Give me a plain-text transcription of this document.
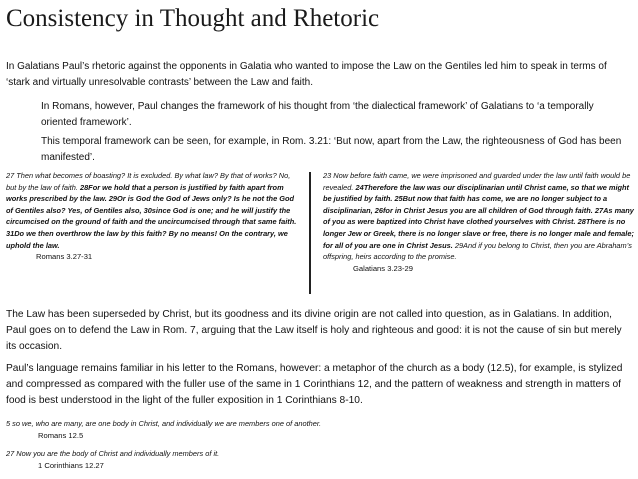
Consistency in Thought and Rhetoric
In Galatians Paul’s rhetoric against the opponents in Galatia who wanted to impose the Law on the Gentiles led him to speak in terms of ‘stark and virtually unresolvable contrasts’ between the Law and faith.
In Romans, however, Paul changes the framework of his thought from ‘the dialectical framework’ of Galatians to ‘a temporally oriented framework’.
This temporal framework can be seen, for example, in Rom. 3.21: ‘But now, apart from the Law, the righteousness of God has been manifested’.
27 Then what becomes of boasting? It is excluded. By what law? By that of works? No, but by the law of faith. 28For we hold that a person is justified by faith apart from works prescribed by the law. 29Or is God the God of Jews only? Is he not the God of Gentiles also? Yes, of Gentiles also, 30since God is one; and he will justify the circumcised on the ground of faith and the uncircumcised through that same faith. 31Do we then overthrow the law by this faith? By no means! On the contrary, we uphold the law.
Romans 3.27-31
23 Now before faith came, we were imprisoned and guarded under the law until faith would be revealed. 24Therefore the law was our disciplinarian until Christ came, so that we might be justified by faith. 25But now that faith has come, we are no longer subject to a disciplinarian, 26for in Christ Jesus you are all children of God through faith. 27As many of you as were baptized into Christ have clothed yourselves with Christ. 28There is no longer Jew or Greek, there is no longer slave or free, there is no longer male and female; for all of you are one in Christ Jesus. 29And if you belong to Christ, then you are Abraham’s offspring, heirs according to the promise.
Galatians 3.23-29
The Law has been superseded by Christ, but its goodness and its divine origin are not called into question, as in Galatians. In addition, Paul goes on to defend the Law in Rom. 7, arguing that the Law itself is holy and righteous and good: it is not the cause of sin but merely its occasion.
Paul’s language remains familiar in his letter to the Romans, however: a metaphor of the church as a body (12.5), for example, is stylized and compressed as compared with the fuller use of the same in 1 Corinthians 12, and the pattern of weakness and strength in matters of food is best understood in the light of the fuller exposition in 1 Corinthians 8-10.
5 so we, who are many, are one body in Christ, and individually we are members one of another.
Romans 12.5
27 Now you are the body of Christ and individually members of it.
1 Corinthians 12.27
